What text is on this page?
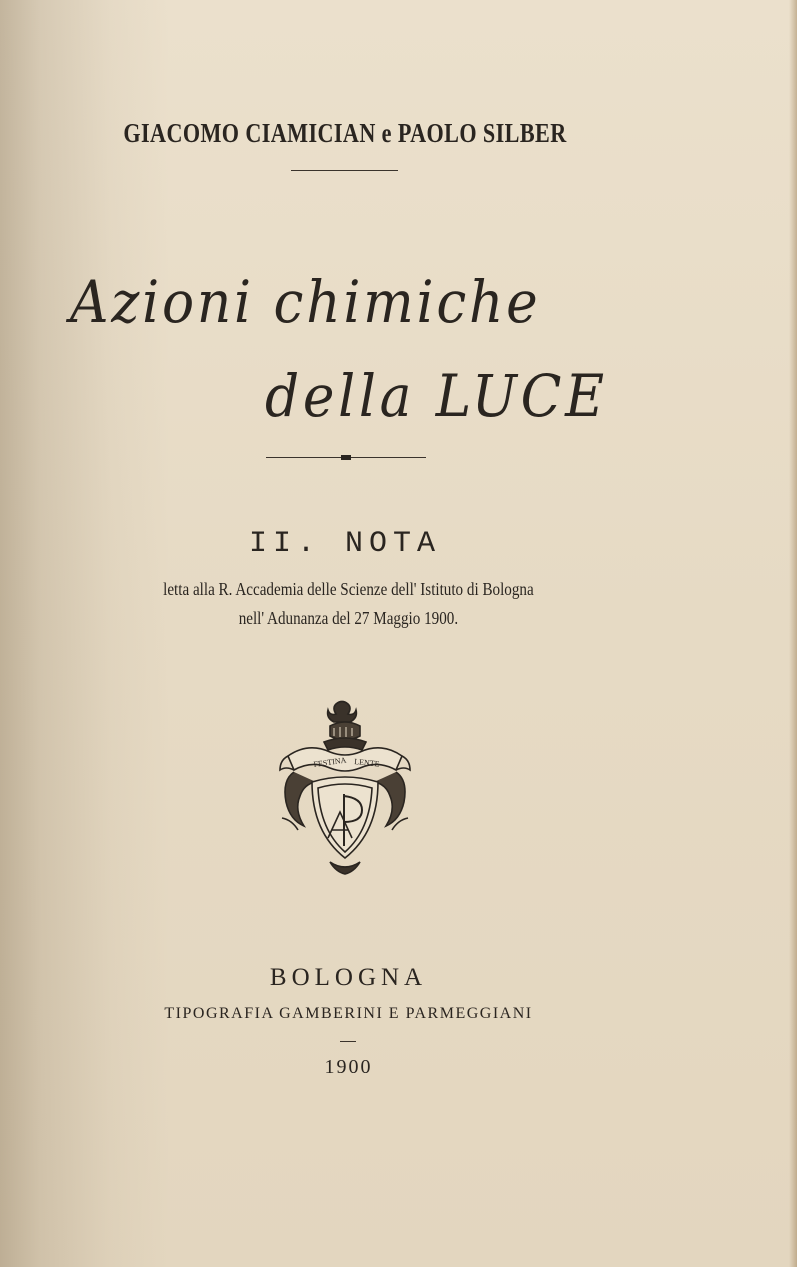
GIACOMO CIAMICIAN e PAOLO SILBER
Azioni chimiche
della LUCE
II. NOTA
letta alla R. Accademia delle Scienze dell' Istituto di Bologna
nell' Adunanza del 27 Maggio 1900.
FESTINA LENTE
BOLOGNA
TIPOGRAFIA GAMBERINI E PARMEGGIANI
1900
